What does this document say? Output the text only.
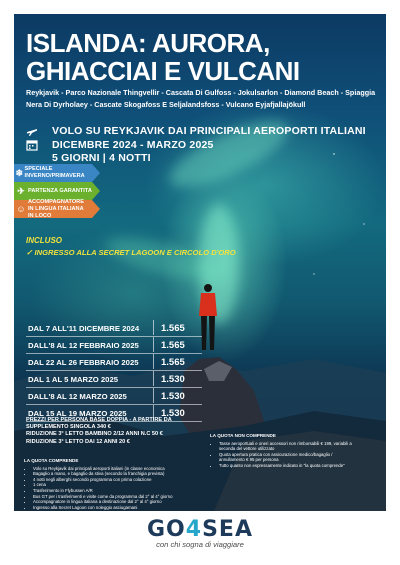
ISLANDA: AURORA,
GHIACCIAI E VULCANI
Reykjavik - Parco Nazionale Thingvellir - Cascata Di Gulfoss - Jokulsarlon - Diamond Beach - Spiaggia
Nera Di Dyrholaey - Cascate Skogafoss E Seljalandsfoss - Vulcano Eyjafjallajökull
VOLO SU REYKJAVIK DAI PRINCIPALI AEROPORTI ITALIANI
DICEMBRE 2024 - MARZO 2025
5 GIORNI | 4 NOTTI
❄ SPECIALE INVERNO/PRIMAVERA
✈ PARTENZA GARANTITA
☺
ACCOMPAGNATORE IN LINGUA ITALIANA IN LOCO
INCLUSO
✓ INGRESSO ALLA SECRET LAGOON E CIRCOLO D'ORO
DAL 7 ALL'11 DICEMBRE 2024 1.565
DALL'8 AL 12 FEBBRAIO 2025 1.565
DAL 22 AL 26 FEBBRAIO 2025 1.565
DAL 1 AL 5 MARZO 2025	1.530
DALL'8 AL 12 MARZO 2025	1.530
DAL 15 AL 19 MARZO 2025	1.530
PREZZI PER PERSONA BASE DOPPIA - A PARTIRE DA
SUPPLEMENTO SINGOLA 340 €
RIDUZIONE 3° LETTO BAMBINO 2/12 ANNI N.C 50 €
RIDUZIONE 3° LETTO DAI 12 ANNI 20 €
LA QUOTA COMPRENDE
• Volo su Reykjavik dai principali aeroporti italiani (in classe economica
• Bagaglio a mano, e bagaglio da stiva (secondo la franchigia prevista)
• 4 notti negli alberghi secondo programma con prima colazione
• 1 cena
• Trasferimento in Flybussen A/R
• Bus GT per i trasferimenti e visite come da programma dal 2° al 4° giorno
• Accompagnatore in lingua italiana a destinazione dal 2° al 4° giorno
• Ingresso alla Secret Lagoon con noleggio asciugamani
LA QUOTA NON COMPRENDE
• Tasse aeroportuali e oneri accessori non rimborsabili € 199, variabili a
seconda del vettore utilizzato
• Quota apertura pratica con assicurazione medico/bagaglio /
annullamento € 95 per persona
• Tutto quanto non espressamente indicato in "la quota comprende"
GO4SEA
con chi sogna di viaggiare
